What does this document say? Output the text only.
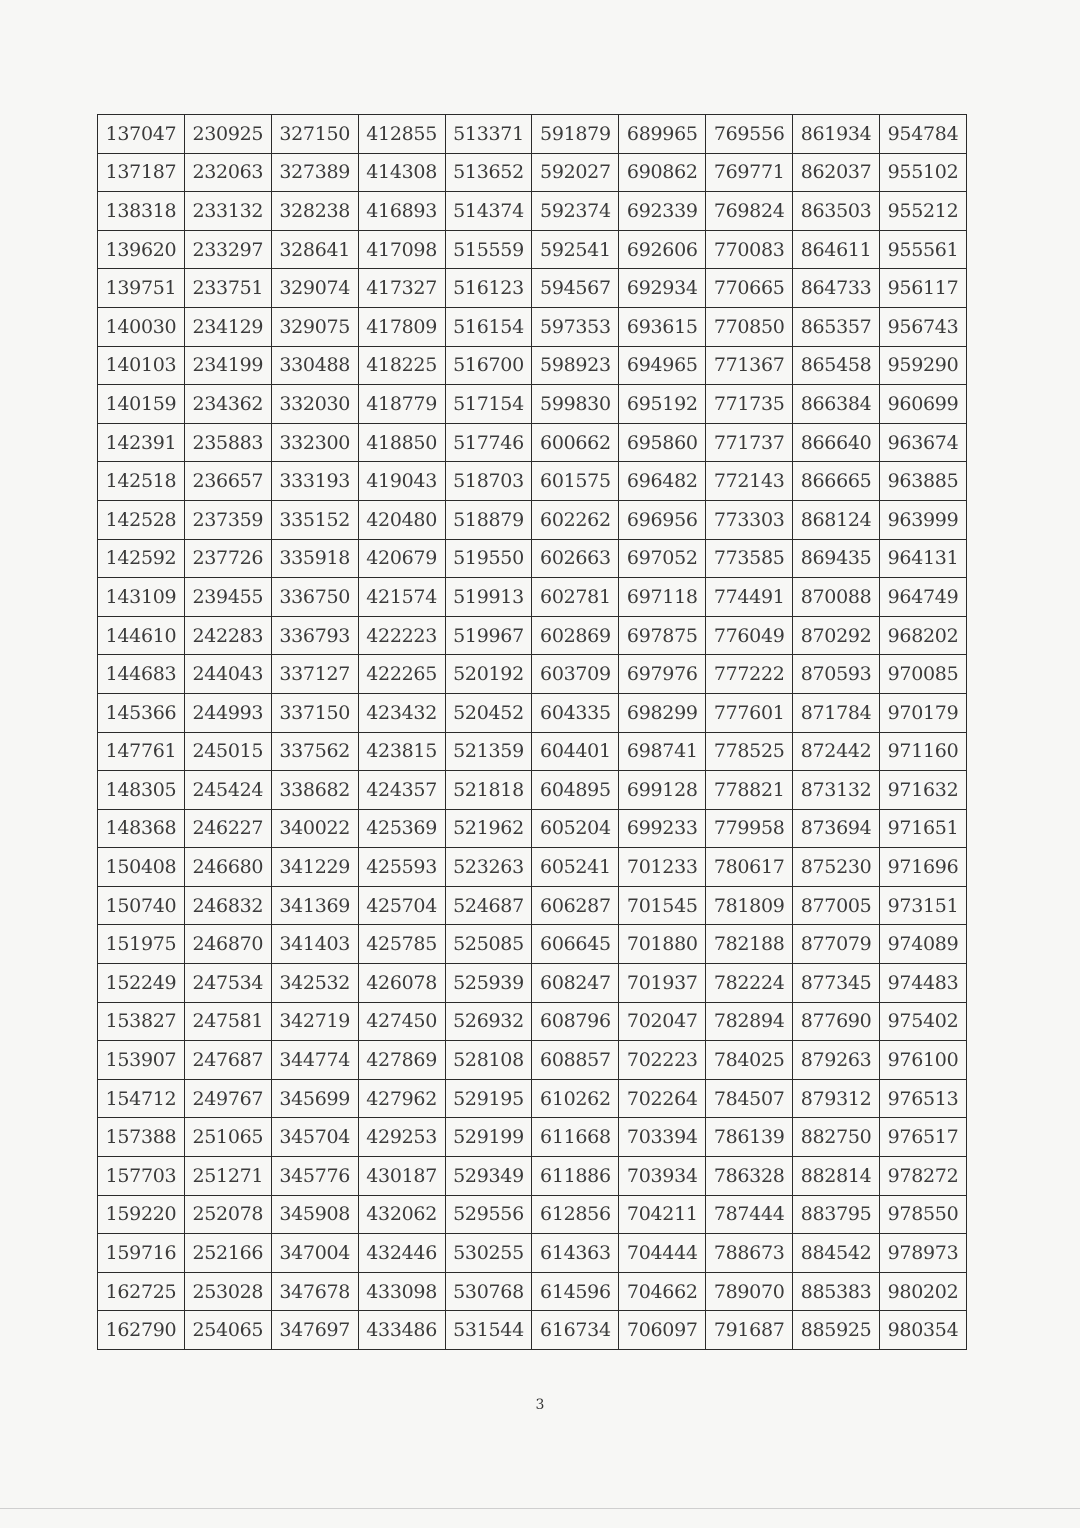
137047	230925	327150	412855	513371	591879	689965	769556	861934	954784
137187	232063	327389	414308	513652	592027	690862	769771	862037	955102
138318	233132	328238	416893	514374	592374	692339	769824	863503	955212
139620	233297	328641	417098	515559	592541	692606	770083	864611	955561
139751	233751	329074	417327	516123	594567	692934	770665	864733	956117
140030	234129	329075	417809	516154	597353	693615	770850	865357	956743
140103	234199	330488	418225	516700	598923	694965	771367	865458	959290
140159	234362	332030	418779	517154	599830	695192	771735	866384	960699
142391	235883	332300	418850	517746	600662	695860	771737	866640	963674
142518	236657	333193	419043	518703	601575	696482	772143	866665	963885
142528	237359	335152	420480	518879	602262	696956	773303	868124	963999
142592	237726	335918	420679	519550	602663	697052	773585	869435	964131
143109	239455	336750	421574	519913	602781	697118	774491	870088	964749
144610	242283	336793	422223	519967	602869	697875	776049	870292	968202
144683	244043	337127	422265	520192	603709	697976	777222	870593	970085
145366	244993	337150	423432	520452	604335	698299	777601	871784	970179
147761	245015	337562	423815	521359	604401	698741	778525	872442	971160
148305	245424	338682	424357	521818	604895	699128	778821	873132	971632
148368	246227	340022	425369	521962	605204	699233	779958	873694	971651
150408	246680	341229	425593	523263	605241	701233	780617	875230	971696
150740	246832	341369	425704	524687	606287	701545	781809	877005	973151
151975	246870	341403	425785	525085	606645	701880	782188	877079	974089
152249	247534	342532	426078	525939	608247	701937	782224	877345	974483
153827	247581	342719	427450	526932	608796	702047	782894	877690	975402
153907	247687	344774	427869	528108	608857	702223	784025	879263	976100
154712	249767	345699	427962	529195	610262	702264	784507	879312	976513
157388	251065	345704	429253	529199	611668	703394	786139	882750	976517
157703	251271	345776	430187	529349	611886	703934	786328	882814	978272
159220	252078	345908	432062	529556	612856	704211	787444	883795	978550
159716	252166	347004	432446	530255	614363	704444	788673	884542	978973
162725	253028	347678	433098	530768	614596	704662	789070	885383	980202
162790	254065	347697	433486	531544	616734	706097	791687	885925	980354
3
